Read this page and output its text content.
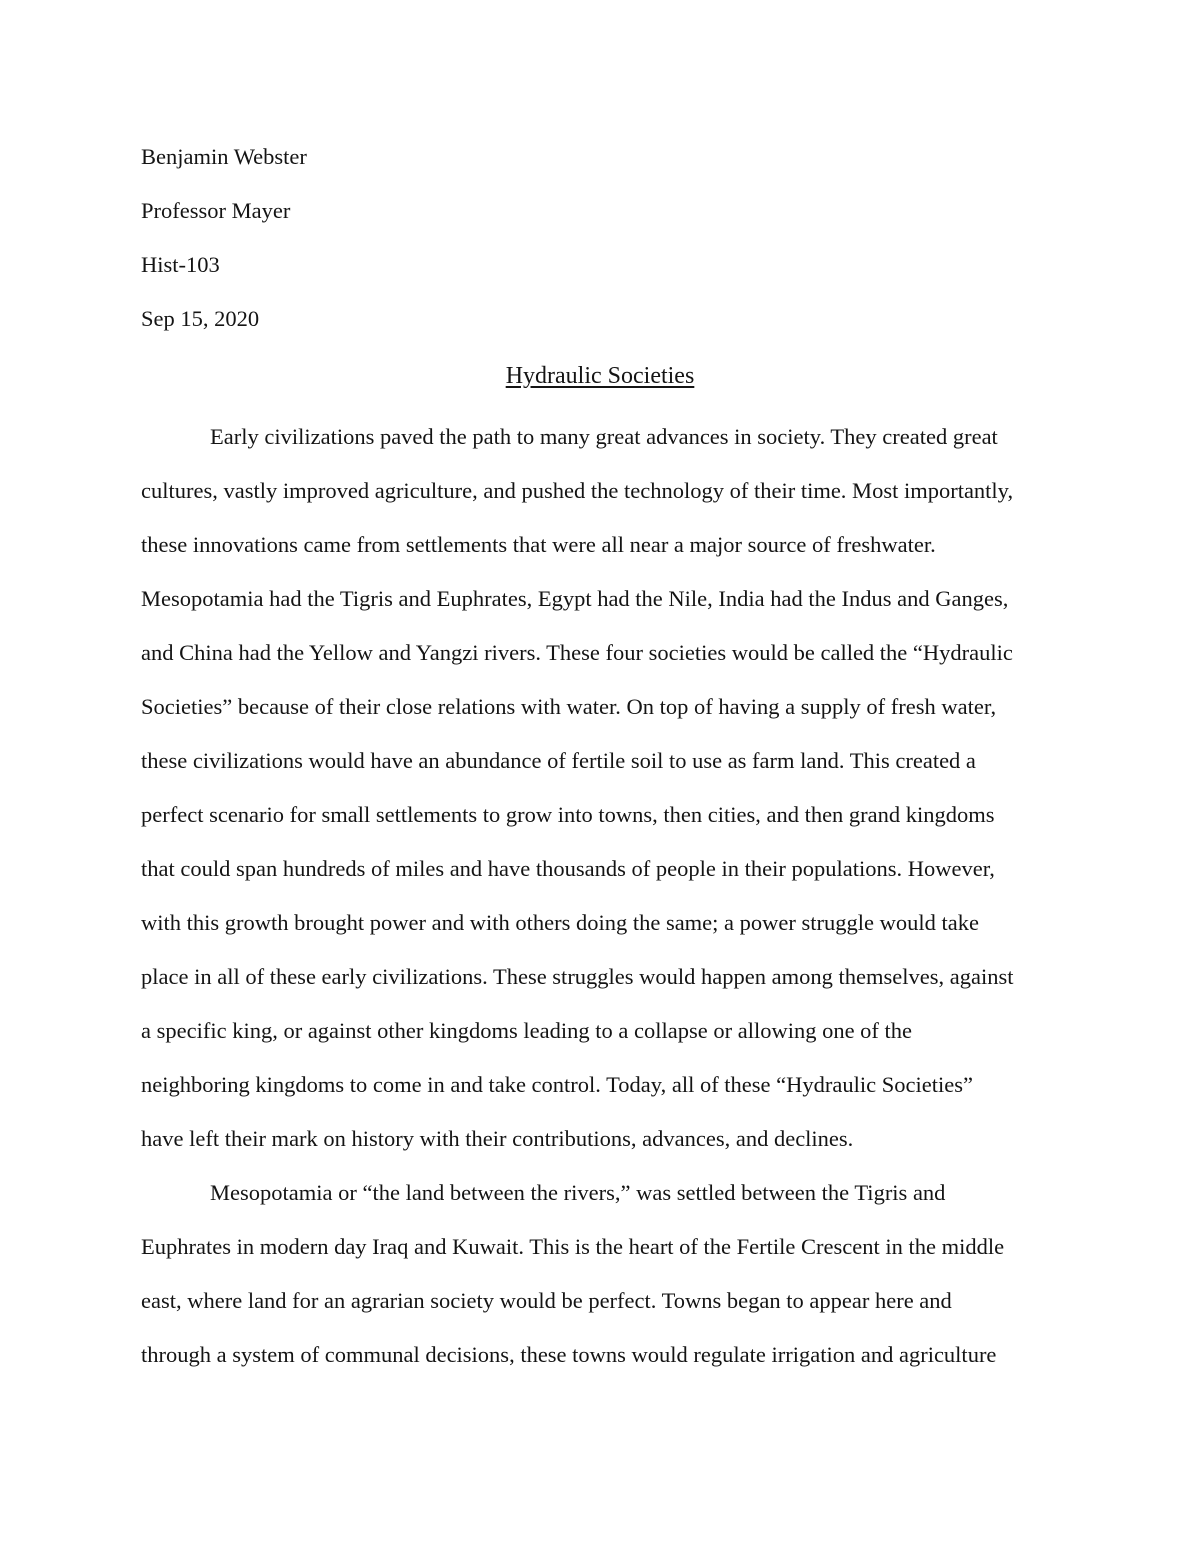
Benjamin Webster
Professor Mayer
Hist-103
Sep 15, 2020
Hydraulic Societies
Early civilizations paved the path to many great advances in society. They created great
cultures, vastly improved agriculture, and pushed the technology of their time. Most importantly,
these innovations came from settlements that were all near a major source of freshwater.
Mesopotamia had the Tigris and Euphrates, Egypt had the Nile, India had the Indus and Ganges,
and China had the Yellow and Yangzi rivers. These four societies would be called the “Hydraulic
Societies” because of their close relations with water. On top of having a supply of fresh water,
these civilizations would have an abundance of fertile soil to use as farm land. This created a
perfect scenario for small settlements to grow into towns, then cities, and then grand kingdoms
that could span hundreds of miles and have thousands of people in their populations. However,
with this growth brought power and with others doing the same; a power struggle would take
place in all of these early civilizations. These struggles would happen among themselves, against
a specific king, or against other kingdoms leading to a collapse or allowing one of the
neighboring kingdoms to come in and take control. Today, all of these “Hydraulic Societies”
have left their mark on history with their contributions, advances, and declines.
Mesopotamia or “the land between the rivers,” was settled between the Tigris and
Euphrates in modern day Iraq and Kuwait. This is the heart of the Fertile Crescent in the middle
east, where land for an agrarian society would be perfect. Towns began to appear here and
through a system of communal decisions, these towns would regulate irrigation and agriculture
